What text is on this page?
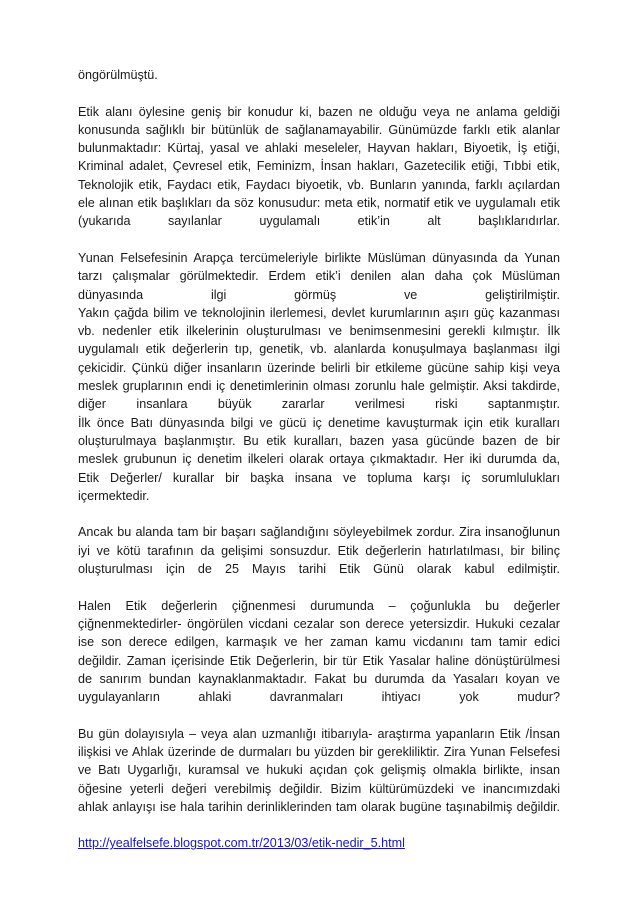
öngörülmüştü.
Etik alanı öylesine geniş bir konudur ki, bazen ne olduğu veya ne anlama geldiği
konusunda sağlıklı bir bütünlük de sağlanamayabilir. Günümüzde farklı etik alanlar
bulunmaktadır: Kürtaj, yasal ve ahlaki meseleler, Hayvan hakları, Biyoetik, İş etiği,
Kriminal adalet, Çevresel etik, Feminizm, İnsan hakları, Gazetecilik etiği, Tıbbi etik,
Teknolojik etik, Faydacı etik, Faydacı biyoetik, vb. Bunların yanında, farklı açılardan
ele alınan etik başlıkları da söz konusudur: meta etik, normatif etik ve uygulamalı etik
(yukarıda sayılanlar uygulamalı etik’in alt başlıklarıdırlar.
Yunan Felsefesinin Arapça tercümeleriyle birlikte Müslüman dünyasında da Yunan
tarzı çalışmalar görülmektedir. Erdem etik’i denilen alan daha çok Müslüman
dünyasında ilgi görmüş ve geliştirilmiştir.
Yakın çağda bilim ve teknolojinin ilerlemesi, devlet kurumlarının aşırı güç kazanması
vb. nedenler etik ilkelerinin oluşturulması ve benimsenmesini gerekli kılmıştır. İlk
uygulamalı etik değerlerin tıp, genetik, vb. alanlarda konuşulmaya başlanması ilgi
çekicidir. Çünkü diğer insanların üzerinde belirli bir etkileme gücüne sahip kişi veya
meslek gruplarının endi iç denetimlerinin olması zorunlu hale gelmiştir. Aksi takdirde,
diğer insanlara büyük zararlar verilmesi riski saptanmıştır.
İlk önce Batı dünyasında bilgi ve gücü iç denetime kavuşturmak için etik kuralları
oluşturulmaya başlanmıştır. Bu etik kuralları, bazen yasa gücünde bazen de bir
meslek grubunun iç denetim ilkeleri olarak ortaya çıkmaktadır. Her iki durumda da,
Etik Değerler/ kurallar bir başka insana ve topluma karşı iç sorumlulukları
içermektedir.
Ancak bu alanda tam bir başarı sağlandığını söyleyebilmek zordur. Zira insanoğlunun
iyi ve kötü tarafının da gelişimi sonsuzdur. Etik değerlerin hatırlatılması, bir bilinç
oluşturulması için de 25 Mayıs tarihi Etik Günü olarak kabul edilmiştir.
Halen Etik değerlerin çiğnenmesi durumunda – çoğunlukla bu değerler
çiğnenmektedirler- öngörülen vicdani cezalar son derece yetersizdir. Hukuki cezalar
ise son derece edilgen, karmaşık ve her zaman kamu vicdanını tam tamir edici
değildir. Zaman içerisinde Etik Değerlerin, bir tür Etik Yasalar haline dönüştürülmesi
de sanırım bundan kaynaklanmaktadır. Fakat bu durumda da Yasaları koyan ve
uygulayanların ahlaki davranmaları ihtiyacı yok mudur?
Bu gün dolayısıyla – veya alan uzmanlığı itibarıyla- araştırma yapanların Etik /İnsan
ilişkisi ve Ahlak üzerinde de durmaları bu yüzden bir gerekliliktir. Zira Yunan Felsefesi
ve Batı Uygarlığı, kuramsal ve hukuki açıdan çok gelişmiş olmakla birlikte, insan
öğesine yeterli değeri verebilmiş değildir. Bizim kültürümüzdeki ve inancımızdaki
ahlak anlayışı ise hala tarihin derinliklerinden tam olarak bugüne taşınabilmiş değildir.
http://yealfelsefe.blogspot.com.tr/2013/03/etik-nedir_5.html
